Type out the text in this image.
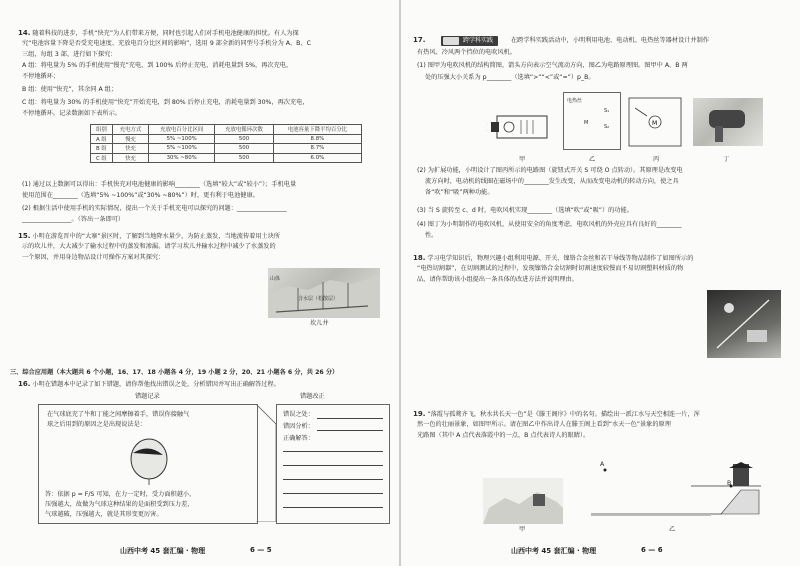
14. 随着科技的进步，手机“快充”为人们带来方便，同时也引起人们对手机电池健康的担忧。有人为探
究“电池容量下降是否受充电速度、充放电百分比区间的影响”，选用 9 部全新的同型号手机分为 A、B、C
三组，每组 3 部，进行如下探究：
A 组：将电量为 5% 的手机使用“慢充”充电，到 100% 后停止充电，消耗电量到 5%，再次充电，
不停地循环；
B 组：使用“快充”，其余同 A 组；
C 组：将电量为 30% 的手机使用“快充”开始充电，到 80% 后停止充电，消耗电量到 30%，再次充电，
不停地循环。记录数据如下表所示。
组别	充电方式	充放电百分比区间	充放电循环次数	电池容量下降平均百分比
A 组	慢充	5% ~100%	500	8.8%
B 组	快充	5% ~100%	500	8.7%
C 组	快充	30% ~80%	500	6.0%
(1) 通过以上数据可以得出：手机快充对电池健康的影响________（选填“较大”或“较小”）；手机电量
使用范围在________（选填“5% ~100%”或“30% ~80%”）时，更有利于电池健康。
(2) 根据生活中使用手机的实际情况，提出一个关于手机充电可以探究的问题：________________
________________。（答出一条即可）
15. 小明在游览晋中的“大寨”景区时，了解到当地降水量少，为防止蒸发，当地流传着用土块所
示的坎儿井，大大减少了输水过程中的蒸发和渗漏。请学习坎儿井输水过程中减少了水蒸发的
一个原因，并用身边物品设计可操作方案对其探究：
山体
含水层（松散层）
坎儿井
三、综合应用题（本大题共 6 个小题，16、17、18 小题各 4 分，19 小题 2 分，20、21 小题各 6 分，共 26 分）
16. 小明在错题本中记录了如下错题，请你帮他找出错误之处，分析错因并写出正确解答过程。
错题记录	错题改正
在气球底充了牛和丁能之间摩擦着手，错误你接触气
球之后用到的原因之是出现说法是：
答：依据 p = F/S 可知，在力一定时，受力面积越小，
压强越大，故做为气球这种结果的是面积受到压力差，
气球越破，压强越大，就是其形变更厉害。
错误之处：
错因分析：
正确解答：
山西中考 45 套汇编 · 物理	6 — 5
17.	跨学科实践	在跨学科实践活动中，小明利用电池、电动机、电热丝等器材设计并制作
有热风、冷风两个挡位的电吹风机。
(1) 图甲为电吹风机的结构简图，箭头方向表示空气流动方向，图乙为电路原理图。图甲中 A、B 两
处的压强大小关系为 p________（选填“>”“<”或“=”）p_B。
甲
电热丝
S₁
S₂
M
乙
M
丙	丁
(2) 为扩展功能，小明设计了图丙所示的电路图（旋钮式开关 S 可绕 O 点转动）。其原理是改变电
流方向时，电动机的线圈在磁场中的________发生改变，从而改变电动机的转动方向，使之具
备“吹”和“吸”两种功能。
(3) 当 S 旋转至 c、d 时，电吹风机实现________（选填“吹”或“吸”）的功能。
(4) 图丁为小明制作的电吹风机，从使用安全的角度考虑，电吹风机的外壳应具有良好的________
性。
18. 学习电学知识后，物理兴趣小组利用电源、开关、镍铬合金丝和若干导线等物品制作了如图所示的
“电热切割器”，在切割测试的过程中，发现镍铬合金切割时切割速度较慢而不易切割塑料材质的物
品，请你帮助该小组提出一条具体的改进方法并说明理由。
19. “落霞与孤鹜齐飞，秋水共长天一色”是《滕王阁序》中的名句。描绘出一派江水与天空相连一片，浑
然一色的壮丽景象，如图甲所示。请在图乙中作出诗人在滕王阁上看到“水天一色”景象的原理
光路图（其中 A 点代表落霞中的一点，B 点代表诗人的眼睛）。
甲
A
B
乙
山西中考 45 套汇编 · 物理	6 — 6
